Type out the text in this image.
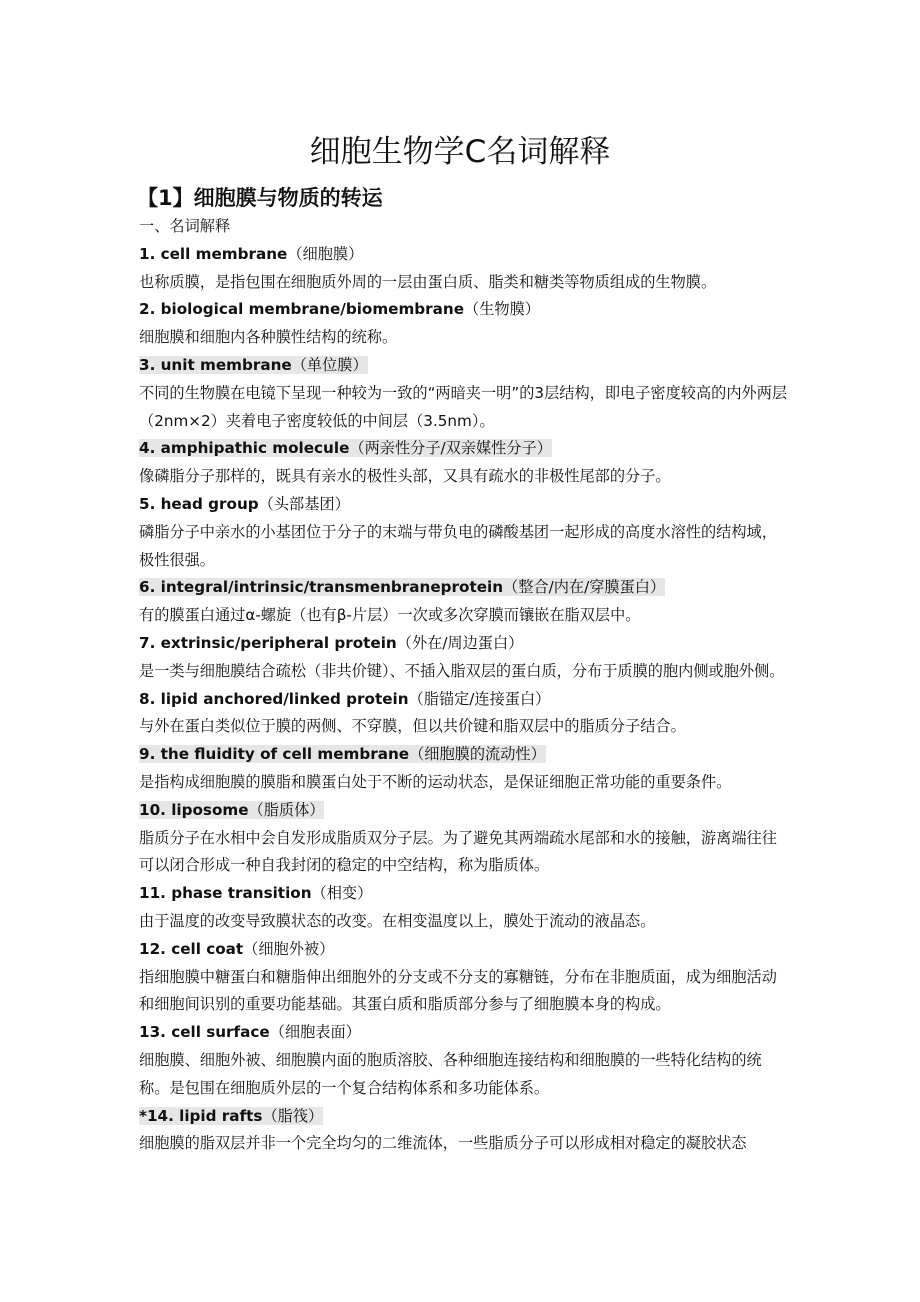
细胞生物学C名词解释
【1】细胞膜与物质的转运
一、名词解释
1. cell membrane（细胞膜）
也称质膜，是指包围在细胞质外周的一层由蛋白质、脂类和糖类等物质组成的生物膜。
2. biological membrane/biomembrane（生物膜）
细胞膜和细胞内各种膜性结构的统称。
3. unit membrane（单位膜）
不同的生物膜在电镜下呈现一种较为一致的“两暗夹一明”的3层结构，即电子密度较高的内外两层（2nm×2）夹着电子密度较低的中间层（3.5nm）。
4. amphipathic molecule（两亲性分子/双亲媒性分子）
像磷脂分子那样的，既具有亲水的极性头部，又具有疏水的非极性尾部的分子。
5. head group（头部基团）
磷脂分子中亲水的小基团位于分子的末端与带负电的磷酸基团一起形成的高度水溶性的结构域，极性很强。
6. integral/intrinsic/transmenbraneprotein（整合/内在/穿膜蛋白）
有的膜蛋白通过α-螺旋（也有β-片层）一次或多次穿膜而镶嵌在脂双层中。
7. extrinsic/peripheral protein（外在/周边蛋白）
是一类与细胞膜结合疏松（非共价键）、不插入脂双层的蛋白质，分布于质膜的胞内侧或胞外侧。
8. lipid anchored/linked protein（脂锚定/连接蛋白）
与外在蛋白类似位于膜的两侧、不穿膜，但以共价键和脂双层中的脂质分子结合。
9. the fluidity of cell membrane（细胞膜的流动性）
是指构成细胞膜的膜脂和膜蛋白处于不断的运动状态，是保证细胞正常功能的重要条件。
10. liposome（脂质体）
脂质分子在水相中会自发形成脂质双分子层。为了避免其两端疏水尾部和水的接触，游离端往往可以闭合形成一种自我封闭的稳定的中空结构，称为脂质体。
11. phase transition（相变）
由于温度的改变导致膜状态的改变。在相变温度以上，膜处于流动的液晶态。
12. cell coat（细胞外被）
指细胞膜中糖蛋白和糖脂伸出细胞外的分支或不分支的寡糖链，分布在非胞质面，成为细胞活动和细胞间识别的重要功能基础。其蛋白质和脂质部分参与了细胞膜本身的构成。
13. cell surface（细胞表面）
细胞膜、细胞外被、细胞膜内面的胞质溶胶、各种细胞连接结构和细胞膜的一些特化结构的统称。是包围在细胞质外层的一个复合结构体系和多功能体系。
*14. lipid rafts（脂筏）
细胞膜的脂双层并非一个完全均匀的二维流体，一些脂质分子可以形成相对稳定的凝胶状态
